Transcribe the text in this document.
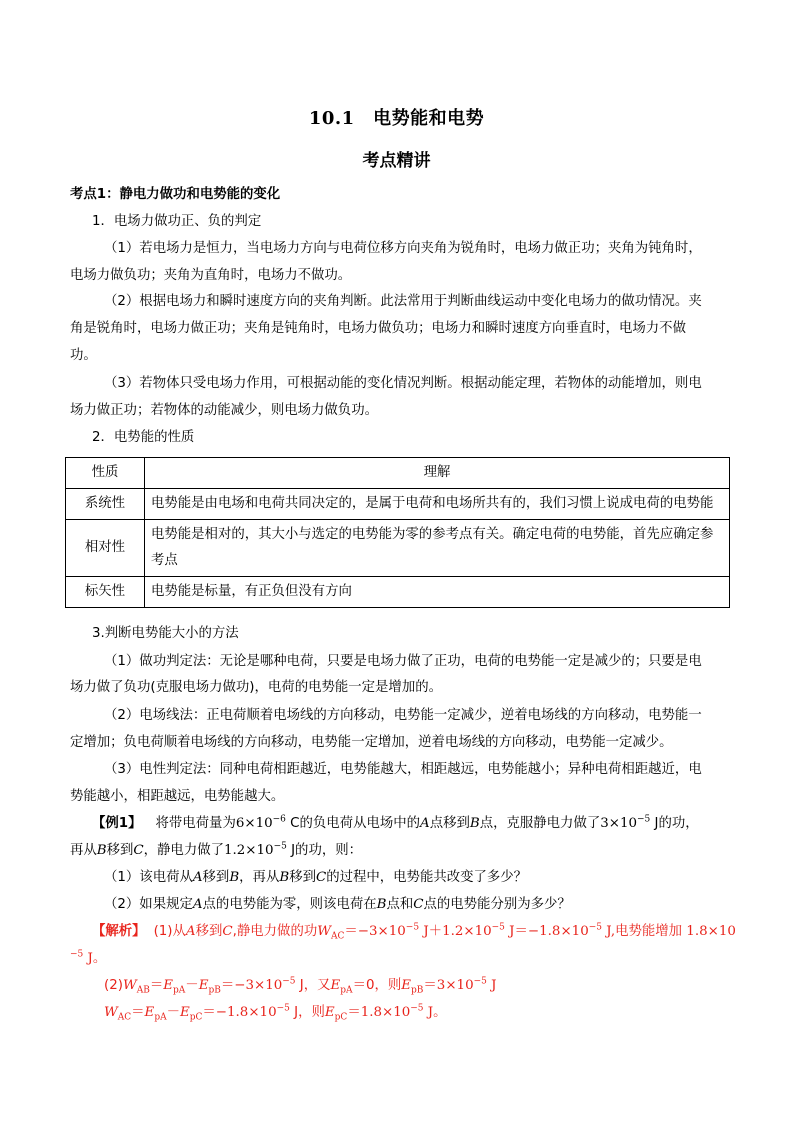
10.1　电势能和电势
考点精讲
考点1：静电力做功和电势能的变化
1．电场力做功正、负的判定
（1）若电场力是恒力，当电场力方向与电荷位移方向夹角为锐角时，电场力做正功；夹角为钝角时，
电场力做负功；夹角为直角时，电场力不做功。
（2）根据电场力和瞬时速度方向的夹角判断。此法常用于判断曲线运动中变化电场力的做功情况。夹
角是锐角时，电场力做正功；夹角是钝角时，电场力做负功；电场力和瞬时速度方向垂直时，电场力不做
功。
（3）若物体只受电场力作用，可根据动能的变化情况判断。根据动能定理，若物体的动能增加，则电
场力做正功；若物体的动能减少，则电场力做负功。
2．电势能的性质
性质	理解
系统性	电势能是由电场和电荷共同决定的，是属于电荷和电场所共有的，我们习惯上说成电荷的电势能
相对性	电势能是相对的，其大小与选定的电势能为零的参考点有关。确定电荷的电势能，首先应确定参考点
标矢性	电势能是标量，有正负但没有方向
3.判断电势能大小的方法
（1）做功判定法：无论是哪种电荷，只要是电场力做了正功，电荷的电势能一定是减少的；只要是电
场力做了负功(克服电场力做功)，电荷的电势能一定是增加的。
（2）电场线法：正电荷顺着电场线的方向移动，电势能一定减少，逆着电场线的方向移动，电势能一
定增加；负电荷顺着电场线的方向移动，电势能一定增加，逆着电场线的方向移动，电势能一定减少。
（3）电性判定法：同种电荷相距越近，电势能越大，相距越远，电势能越小；异种电荷相距越近，电
势能越小，相距越远，电势能越大。
【例1】 将带电荷量为$6\times 10^{-6}$ C的负电荷从电场中的A点移到B点，克服静电力做了$3\times 10^{-5}$ J的功，
再从B移到C，静电力做了$1.2\times 10^{-5}$ J的功，则：
（1）该电荷从A移到B，再从B移到C的过程中，电势能共改变了多少？
（2）如果规定A点的电势能为零，则该电荷在B点和C点的电势能分别为多少？
【解析】 (1)从A移到C,静电力做的功$W_{AC}=-3\times 10^{-5}$ $J+1.2\times 10^{-5}$ $J=-1.8\times 10^{-5}$ J,电势能增加 1.8×10
$^{-5}$ J。
$(2)W_{AB}=E_{pA}-E_{pB}=-3\times 10^{-5}$ J，又$E_{pA}=0$，则$E_{pB}=3\times 10^{-5}$ J
$W_{AC}=E_{pA}-E_{pC}=-1.8\times 10^{-5}$ J，则$E_{pC}=1.8\times 10^{-5}$ J。
